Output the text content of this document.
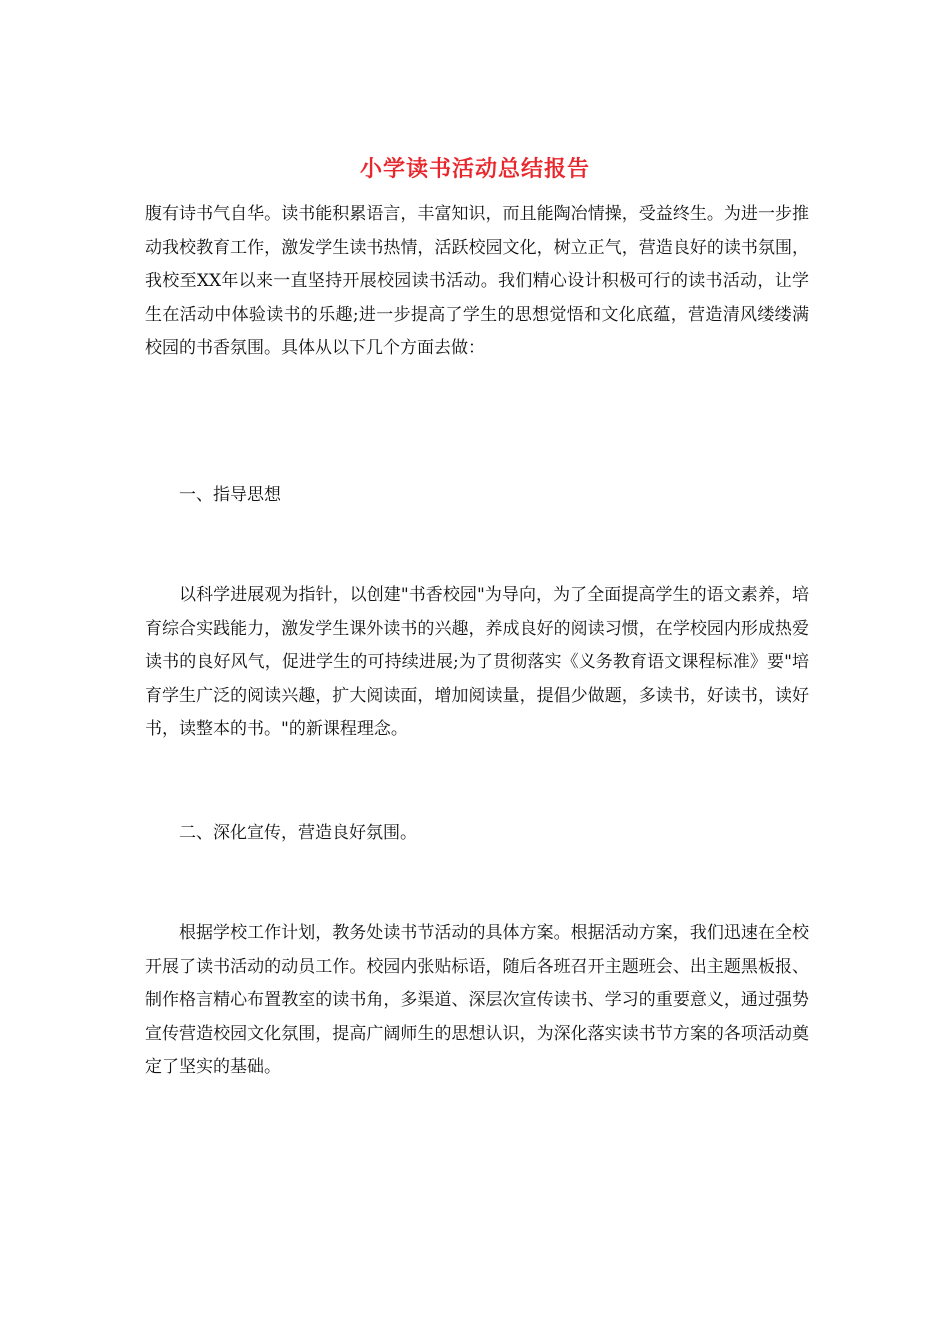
小学读书活动总结报告

腹有诗书气自华。读书能积累语言，丰富知识，而且能陶冶情操，受益终生。为进一步推动我校教育工作，激发学生读书热情，活跃校园文化，树立正气，营造良好的读书氛围，我校至XX年以来一直坚持开展校园读书活动。我们精心设计积极可行的读书活动，让学生在活动中体验读书的乐趣;进一步提高了学生的思想觉悟和文化底蕴，营造清风缕缕满校园的书香氛围。具体从以下几个方面去做：

一、指导思想

以科学进展观为指针，以创建"书香校园"为导向，为了全面提高学生的语文素养，培育综合实践能力，激发学生课外读书的兴趣，养成良好的阅读习惯，在学校园内形成热爱读书的良好风气，促进学生的可持续进展;为了贯彻落实《义务教育语文课程标准》要"培育学生广泛的阅读兴趣，扩大阅读面，增加阅读量，提倡少做题，多读书，好读书，读好书，读整本的书。"的新课程理念。

二、深化宣传，营造良好氛围。

根据学校工作计划，教务处读书节活动的具体方案。根据活动方案，我们迅速在全校开展了读书活动的动员工作。校园内张贴标语，随后各班召开主题班会、出主题黑板报、制作格言精心布置教室的读书角，多渠道、深层次宣传读书、学习的重要意义，通过强势宣传营造校园文化氛围，提高广阔师生的思想认识，为深化落实读书节方案的各项活动奠定了坚实的基础。
